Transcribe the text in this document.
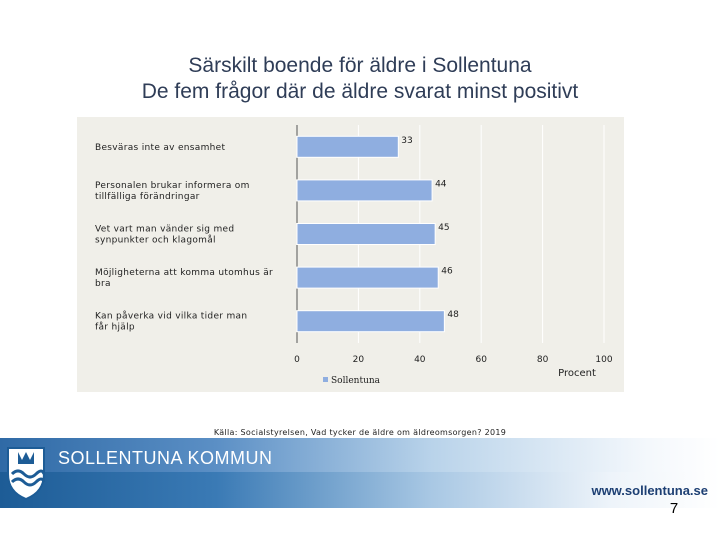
Särskilt boende för äldre i Sollentuna
De fem frågor där de äldre svarat minst positivt
33
Besväras inte av ensamhet
44
Personalen brukar informera om tillfälliga förändringar
45
Vet vart man vänder sig med synpunkter och klagomål
46
Möjligheterna att komma utomhus är bra
48
Kan påverka vid vilka tider man får hjälp
0	20	40	60	80	100
Procent
Sollentuna
Källa: Socialstyrelsen, Vad tycker de äldre om äldreomsorgen? 2019
SOLLENTUNA KOMMUN
www.sollentuna.se
7
